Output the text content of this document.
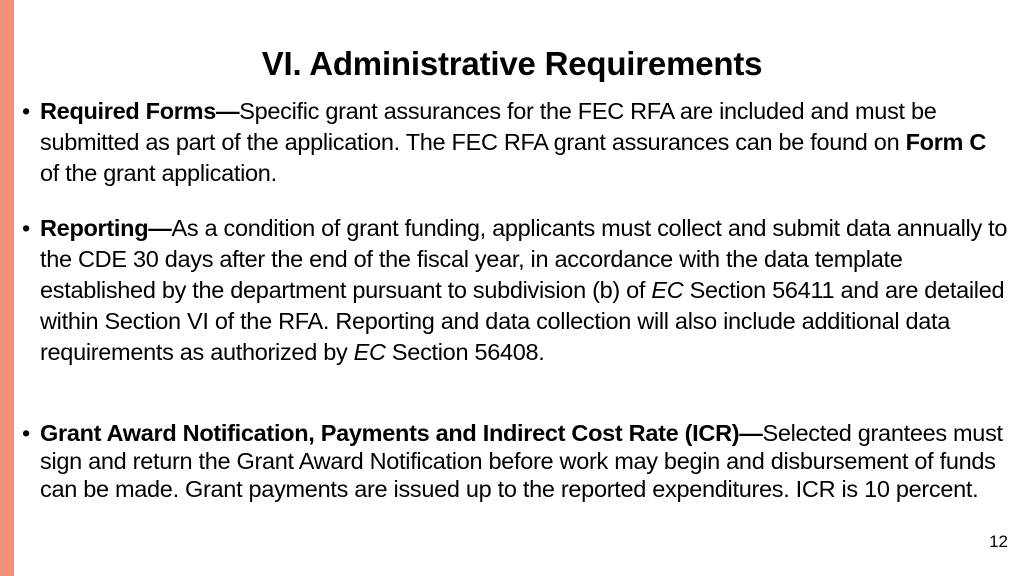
VI. Administrative Requirements
• Required Forms—Specific grant assurances for the FEC RFA are included and must be submitted as part of the application. The FEC RFA grant assurances can be found on Form C of the grant application.
• Reporting—As a condition of grant funding, applicants must collect and submit data annually to the CDE 30 days after the end of the fiscal year, in accordance with the data template established by the department pursuant to subdivision (b) of EC Section 56411 and are detailed within Section VI of the RFA. Reporting and data collection will also include additional data requirements as authorized by EC Section 56408.
• Grant Award Notification, Payments and Indirect Cost Rate (ICR)—Selected grantees must sign and return the Grant Award Notification before work may begin and disbursement of funds can be made. Grant payments are issued up to the reported expenditures. ICR is 10 percent.
12
